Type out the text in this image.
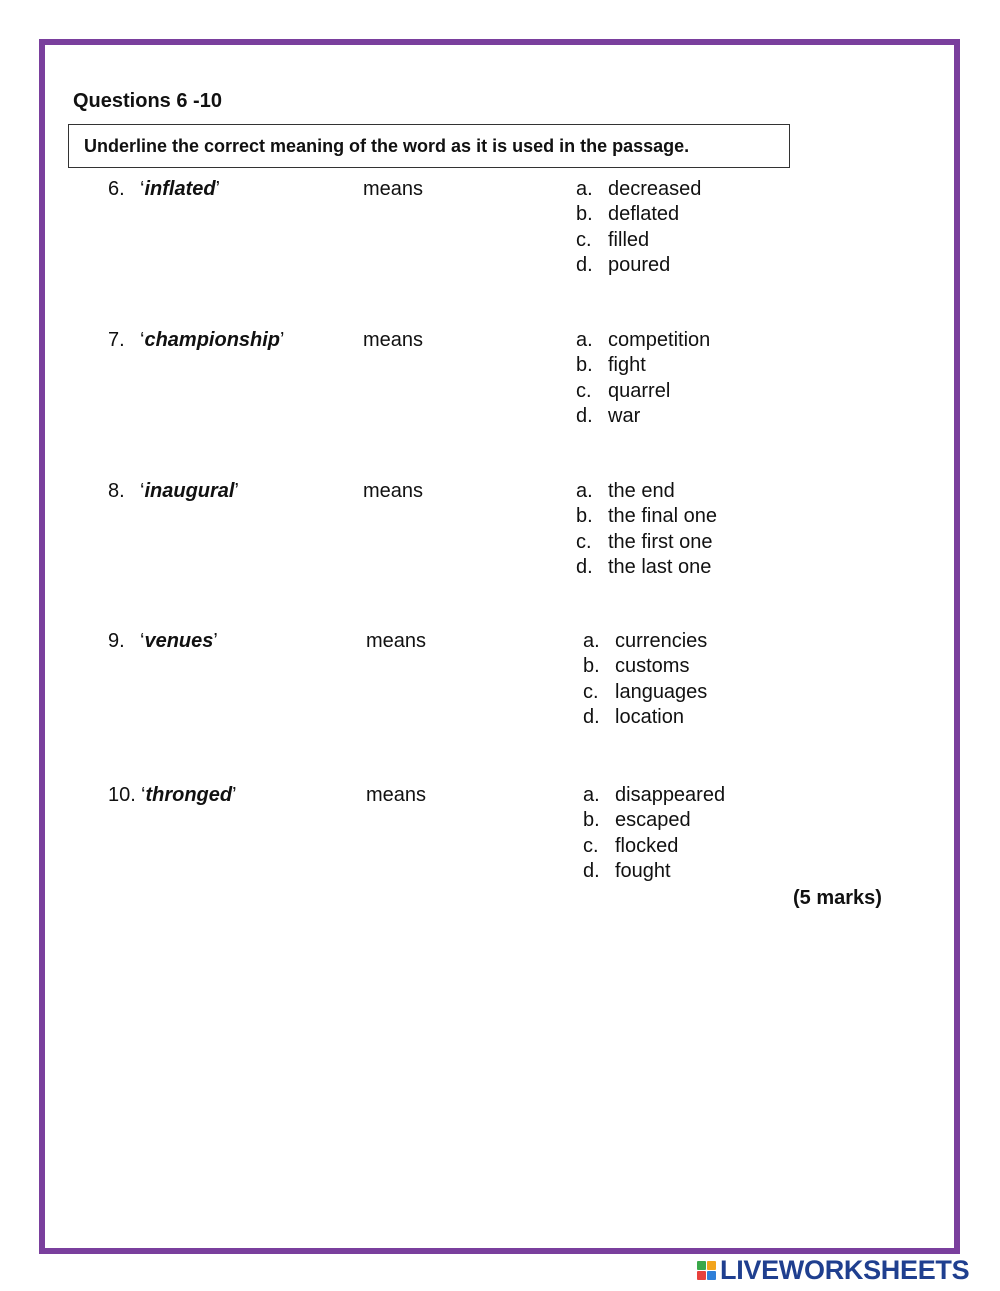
Questions 6 -10
Underline the correct meaning of the word as it is used in the passage.
6. ‘inflated’	means	a. decreased
b. deflated
c. filled
d. poured
7. ‘championship’	means	a. competition
b. fight
c. quarrel
d. war
8. ‘inaugural’	means	a. the end
b. the final one
c. the first one
d. the last one
9. ‘venues’	means	a. currencies
b. customs
c. languages
d. location
10. ‘thronged’	means	a. disappeared
b. escaped
c. flocked
d. fought
(5 marks)
LIVEWORKSHEETS
